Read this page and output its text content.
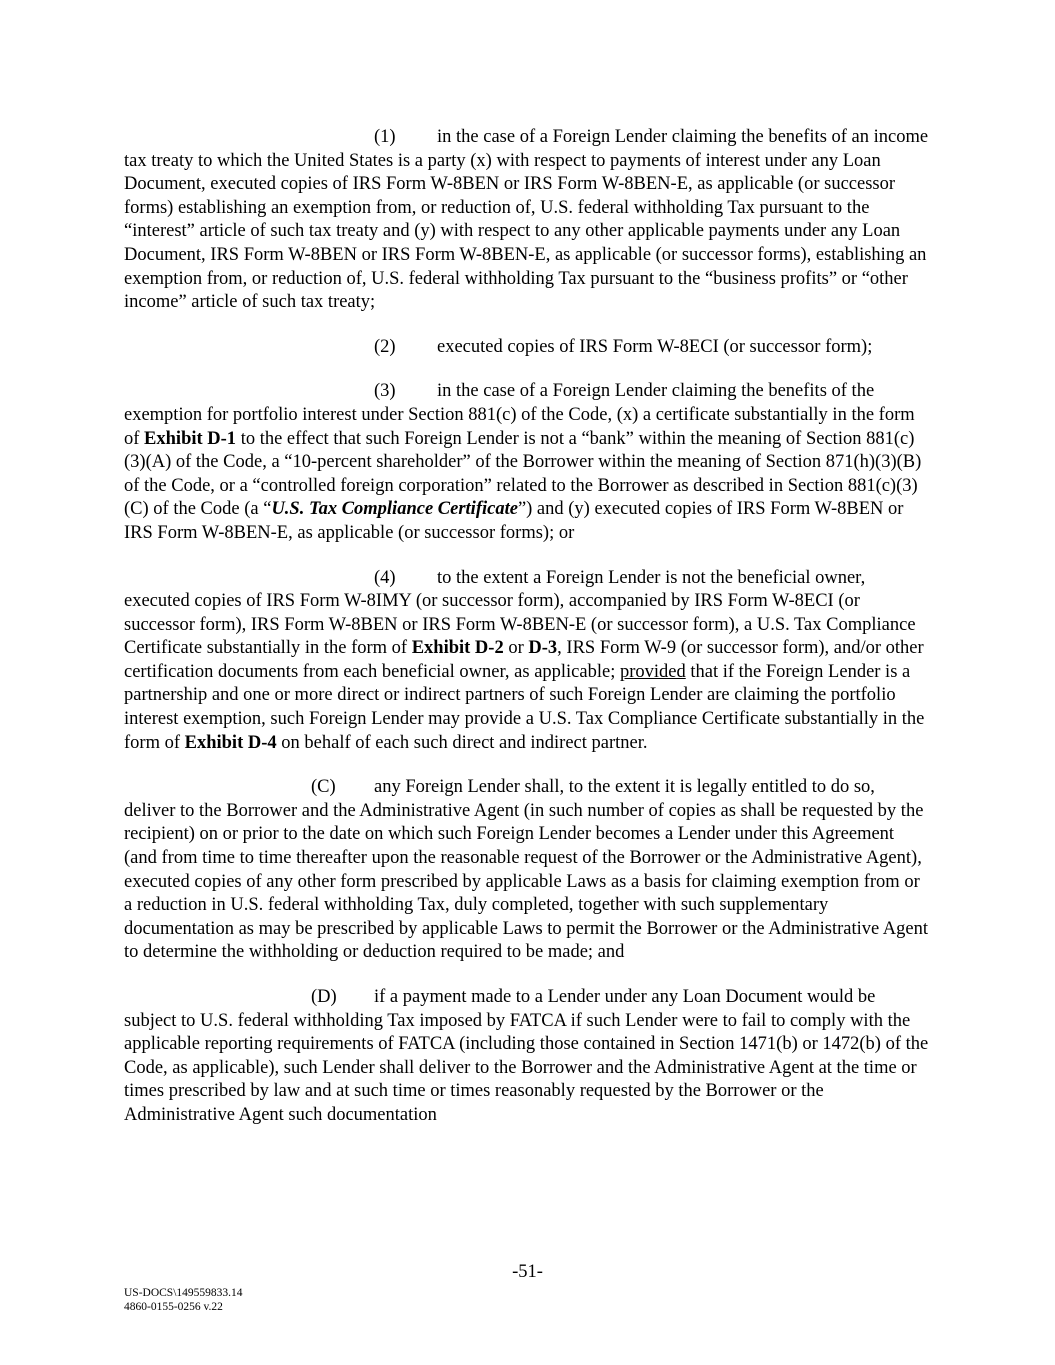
(1) in the case of a Foreign Lender claiming the benefits of an income tax treaty to which the United States is a party (x) with respect to payments of interest under any Loan Document, executed copies of IRS Form W-8BEN or IRS Form W-8BEN-E, as applicable (or successor forms) establishing an exemption from, or reduction of, U.S. federal withholding Tax pursuant to the “interest” article of such tax treaty and (y) with respect to any other applicable payments under any Loan Document, IRS Form W-8BEN or IRS Form W-8BEN-E, as applicable (or successor forms), establishing an exemption from, or reduction of, U.S. federal withholding Tax pursuant to the “business profits” or “other income” article of such tax treaty;

(2) executed copies of IRS Form W-8ECI (or successor form);

(3) in the case of a Foreign Lender claiming the benefits of the exemption for portfolio interest under Section 881(c) of the Code, (x) a certificate substantially in the form of Exhibit D-1 to the effect that such Foreign Lender is not a “bank” within the meaning of Section 881(c)(3)(A) of the Code, a “10-percent shareholder” of the Borrower within the meaning of Section 871(h)(3)(B) of the Code, or a “controlled foreign corporation” related to the Borrower as described in Section 881(c)(3)(C) of the Code (a “U.S. Tax Compliance Certificate”) and (y) executed copies of IRS Form W-8BEN or IRS Form W-8BEN-E, as applicable (or successor forms); or

(4) to the extent a Foreign Lender is not the beneficial owner, executed copies of IRS Form W-8IMY (or successor form), accompanied by IRS Form W-8ECI (or successor form), IRS Form W-8BEN or IRS Form W-8BEN-E (or successor form), a U.S. Tax Compliance Certificate substantially in the form of Exhibit D-2 or D-3, IRS Form W-9 (or successor form), and/or other certification documents from each beneficial owner, as applicable; provided that if the Foreign Lender is a partnership and one or more direct or indirect partners of such Foreign Lender are claiming the portfolio interest exemption, such Foreign Lender may provide a U.S. Tax Compliance Certificate substantially in the form of Exhibit D-4 on behalf of each such direct and indirect partner.

(C) any Foreign Lender shall, to the extent it is legally entitled to do so, deliver to the Borrower and the Administrative Agent (in such number of copies as shall be requested by the recipient) on or prior to the date on which such Foreign Lender becomes a Lender under this Agreement (and from time to time thereafter upon the reasonable request of the Borrower or the Administrative Agent), executed copies of any other form prescribed by applicable Laws as a basis for claiming exemption from or a reduction in U.S. federal withholding Tax, duly completed, together with such supplementary documentation as may be prescribed by applicable Laws to permit the Borrower or the Administrative Agent to determine the withholding or deduction required to be made; and

(D) if a payment made to a Lender under any Loan Document would be subject to U.S. federal withholding Tax imposed by FATCA if such Lender were to fail to comply with the applicable reporting requirements of FATCA (including those contained in Section 1471(b) or 1472(b) of the Code, as applicable), such Lender shall deliver to the Borrower and the Administrative Agent at the time or times prescribed by law and at such time or times reasonably requested by the Borrower or the Administrative Agent such documentation

-51-
US-DOCS\149559833.14
4860-0155-0256 v.22
